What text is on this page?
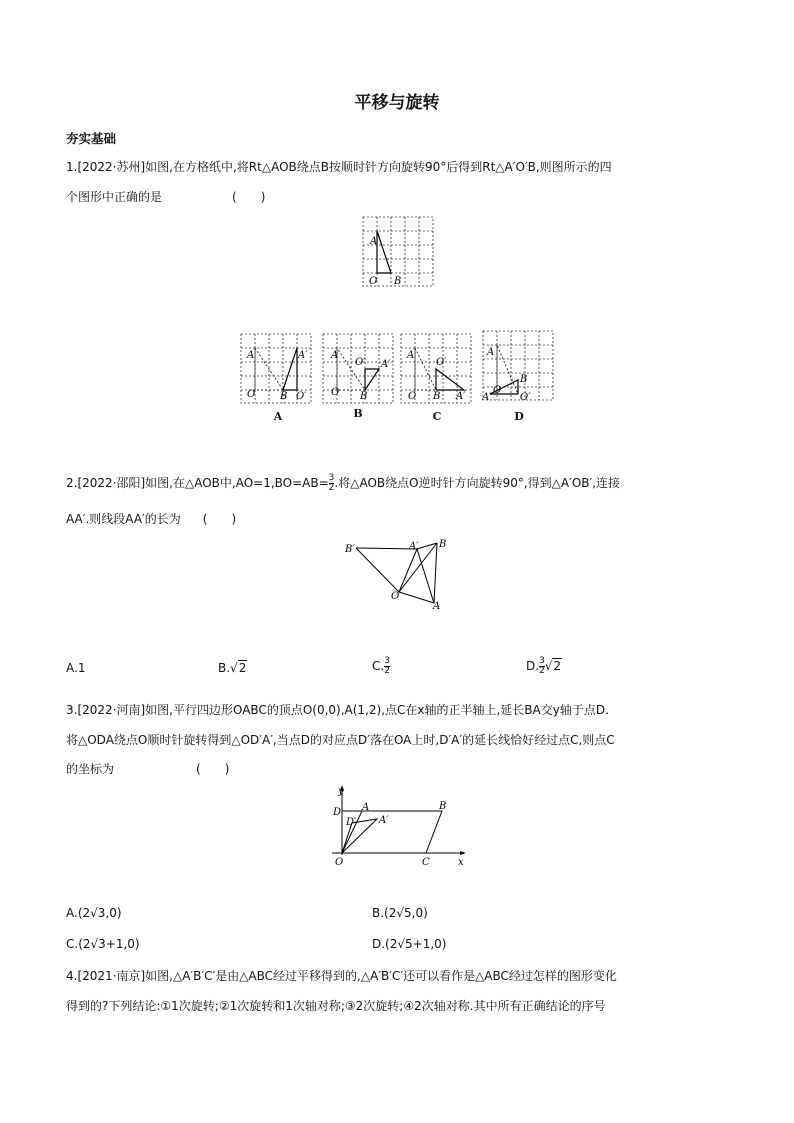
平移与旋转
夯实基础
1.[2022·苏州]如图,在方格纸中,将Rt△AOB绕点B按顺时针方向旋转90°后得到Rt△A′O′B,则图所示的四
个图形中正确的是	(　　)
A
O B
A	A′
O B O′
A
O′ A′
O B
A
O′
O B A′
A
B
A′
O
O′
A	B	C	D
2.[2022·邵阳]如图,在△AOB中$,AO=1,BO=AB= \frac{3}{2}$ .将△AOB绕点O逆时针方向旋转90°,得到△A′OB′,连接
AA′.则线段AA′的长为 (　　)
B′	A′ B
O
A
A.1	B.√2	C. $\frac{3}{2}$	D. $\frac{3}{2} √2$
3.[2022·河南]如图,平行四边形OABC的顶点O(0,0),A(1,2),点C在x轴的正半轴上,延长BA交y轴于点D.
将△ODA绕点O顺时针旋转得到△OD′A′,当点D的对应点D′落在OA上时,D′A′的延长线恰好经过点C,则点C
的坐标为	(　　)
y
D A	B
D′ A′
O	C	x
A.(2√3,0)	B.(2√5,0)
C.(2√3+1,0)	D.(2√5+1,0)
4.[2021·南京]如图,△A′B′C′是由△ABC经过平移得到的,△A′B′C′还可以看作是△ABC经过怎样的图形变化
得到的?下列结论:①1次旋转;②1次旋转和1次轴对称;③2次旋转;④2次轴对称.其中所有正确结论的序号
